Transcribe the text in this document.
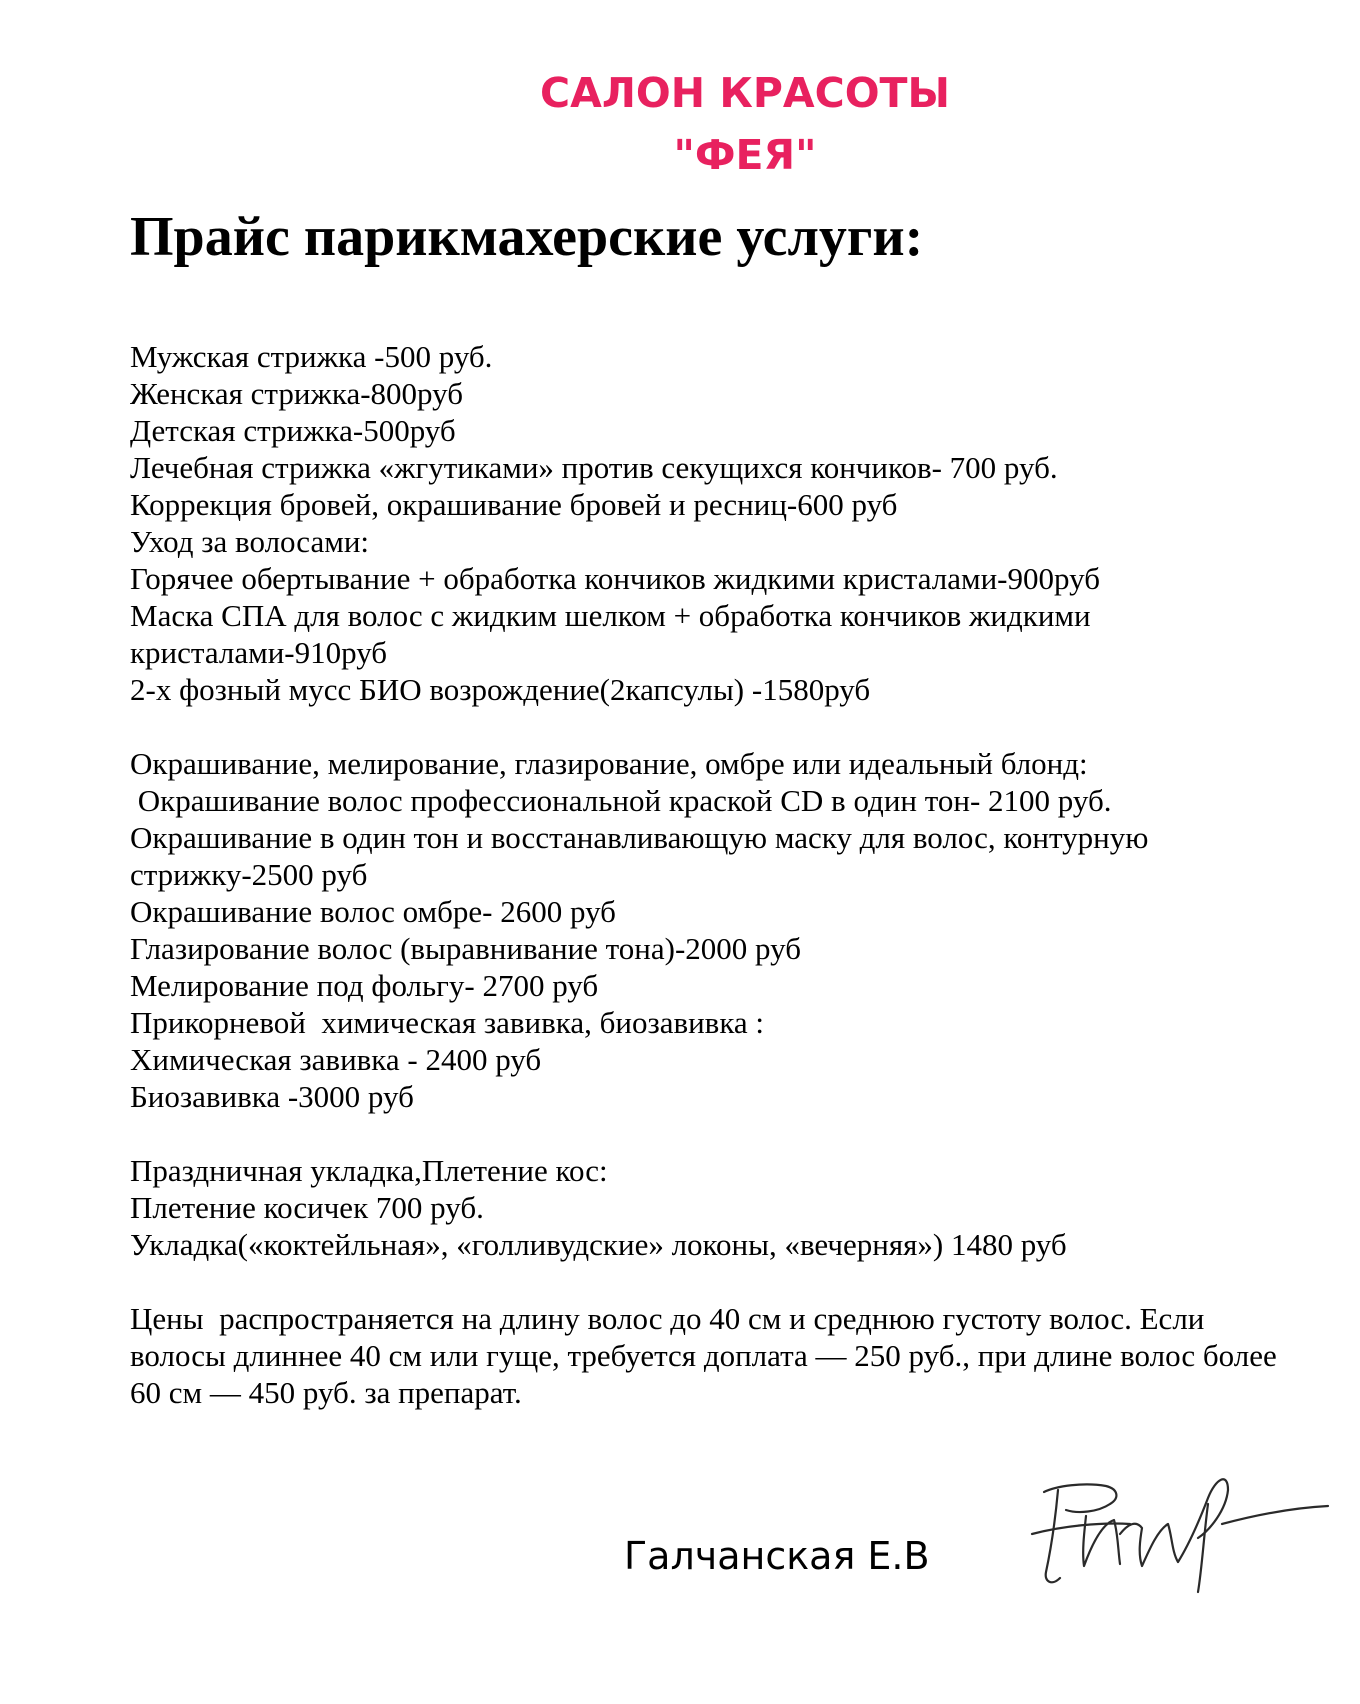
САЛОН КРАСОТЫ
"ФЕЯ"
Прайс парикмахерские услуги:
Мужская стрижка -500 руб.
Женская стрижка-800руб
Детская стрижка-500руб
Лечебная стрижка «жгутиками» против секущихся кончиков- 700 руб.
Коррекция бровей, окрашивание бровей и ресниц-600 руб
Уход за волосами:
Горячее обертывание + обработка кончиков жидкими кристалами-900руб
Маска СПА для волос с жидким шелком + обработка кончиков жидкими
кристалами-910руб
2-х фозный мусс БИО возрождение(2капсулы) -1580руб
Окрашивание, мелирование, глазирование, омбре или идеальный блонд:
Окрашивание волос профессиональной краской CD в один тон- 2100 руб.
Окрашивание в один тон и восстанавливающую маску для волос, контурную
стрижку-2500 руб
Окрашивание волос омбре- 2600 руб
Глазирование волос (выравнивание тона)-2000 руб
Мелирование под фольгу- 2700 руб
Прикорневой  химическая завивка, биозавивка :
Химическая завивка - 2400 руб
Биозавивка -3000 руб
Праздничная укладка,Плетение кос:
Плетение косичек 700 руб.
Укладка(«коктейльная», «голливудские» локоны, «вечерняя») 1480 руб
Цены  распространяется на длину волос до 40 см и среднюю густоту волос. Если
волосы длиннее 40 см или гуще, требуется доплата — 250 руб., при длине волос более
60 см — 450 руб. за препарат.
Галчанская Е.В
